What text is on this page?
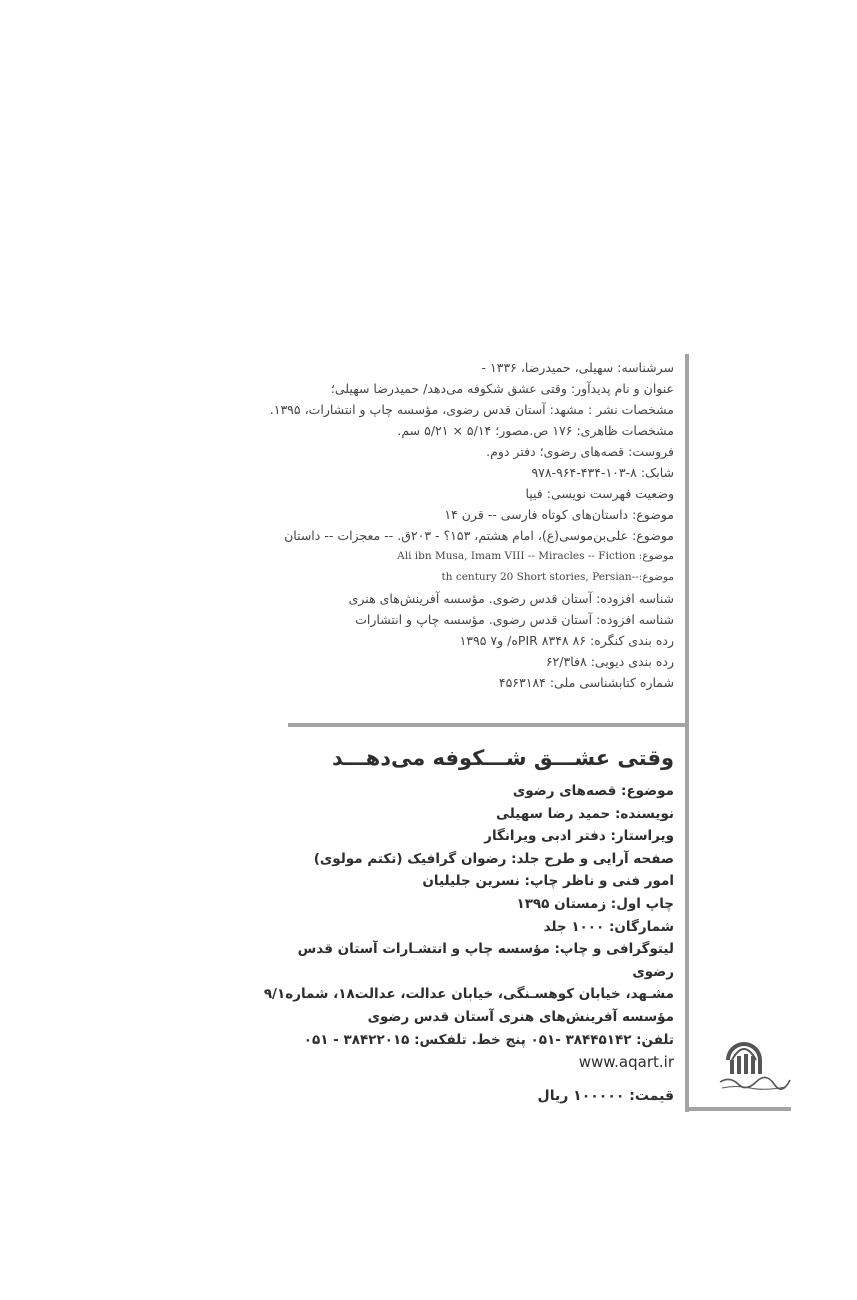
سرشناسه: سهیلی، حمیدرضا، ۱۳۳۶ -
عنوان و نام پدیدآور: وقتی عشق شکوفه می‌دهد/ حمیدرضا سهیلی؛
مشخصات نشر : مشهد: آستان قدس رضوی، مؤسسه چاپ و انتشارات، ۱۳۹۵.
مشخصات ظاهری: ۱۷۶ ص.مصور؛ ۵/۱۴ × ۵/۲۱ سم.
فروست: قصه‌های رضوی؛ دفتر دوم.
شابک: ۸-۱۰۳-۴۳۴-۹۶۴-۹۷۸
وضعیت فهرست نویسی: فیپا
موضوع: داستان‌های کوتاه فارسی -- قرن ۱۴
موضوع: علی‌بن‌موسی(ع)، امام هشتم، ۱۵۳؟ - ۲۰۳ق. -- معجزات -- داستان
موضوع: Ali ibn Musa, Imam VIII -- Miracles -- Fiction
موضوع:--th century 20 Short stories, Persian
شناسه افزوده: آستان قدس رضوی. مؤسسه آفرینش‌های هنری
شناسه افزوده: آستان قدس رضوی. مؤسسه چاپ و انتشارات
رده بندی کنگره: PIR ۸۳۴۸ ۸۶ه/ و۷ ۱۳۹۵
رده بندی دیویی: ۸فا۶۲/۳
شماره کتابشناسی ملی: ۴۵۶۳۱۸۴
وقتی عشـــق شـــکوفه می‌دهـــد
موضوع: قصه‌های رضوی
نویسنده: حمید رضا سهیلی
ویراستار: دفتر ادبی ویرانگار
صفحه آرایی و طرح جلد: رضوان گرافیک (تکتم مولوی)
امور فنی و ناظر چاپ: نسرین جلیلیان
چاپ اول: زمستان ۱۳۹۵
شمارگان: ۱۰۰۰ جلد
لیتوگرافی و چاپ: مؤسسه چاپ و انتشـارات آستان قدس رضوی
مشـهد، خیابان کوهسـنگی، خیابان عدالت، عدالت۱۸، شماره۹/۱
مؤسسه آفرینش‌های هنری آستان قدس رضوی
تلفن: ۳۸۴۴۵۱۴۲ -۰۵۱ پنج خط. تلفکس: ۳۸۴۲۲۰۱۵ - ۰۵۱
www.aqart.ir
قیمت: ۱۰۰۰۰۰ ریال
